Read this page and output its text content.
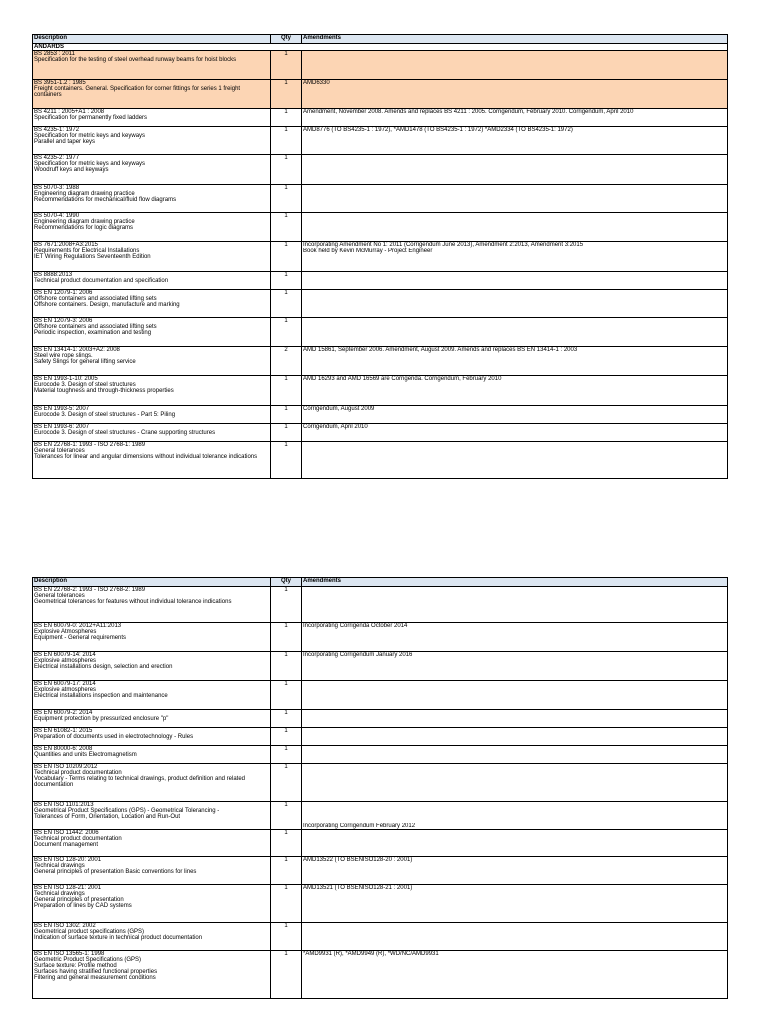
Description	Qty	Amendments
ANDARDS		

BS 2853 : 2011
Specification for the testing of steel overhead runway beams for hoist blocks	1	

BS 3951-1.2 : 1985
Freight containers. General. Specification for corner fittings for series 1 freight containers	1	AMD6330

BS 4211 : 2005+A1 : 2008
Specification for permanently fixed ladders	1	Amendment, November 2008. Amends and replaces BS 4211 : 2005. Corrigendum, February 2010. Corrigendum, April 2010

BS 4235-1: 1972
Specification for metric keys and keyways
Parallel and taper keys	1	AMD8776 (TO BS4235-1 : 1972), *AMD1478 (TO BS4235-1 : 1972) *AMD2334 (TO BS4235-1: 1972)

BS 4235-2: 1977
Specification for metric keys and keyways
Woodruff keys and keyways	1	

BS 5070-3: 1988
Engineering diagram drawing practice
Recommendations for mechanical/fluid flow diagrams	1	

BS 5070-4: 1990
Engineering diagram drawing practice
Recommendations for logic diagrams	1	

BS 7671:2008+A3:2015
Requirements for Electrical Installations
IET Wiring Regulations Seventeenth Edition	1	Incorporating Amendment No 1: 2011 (Corrigendum June 2013), Amendment 2:2013, Amendment 3:2015
Book held by Kevin McMurray - Project Engineer

BS 8888:2013
Technical product documentation and specification	1	

BS EN 12079-1: 2006
Offshore containers and associated lifting sets
Offshore containers. Design, manufacture and marking	1	

BS EN 12079-3: 2006
Offshore containers and associated lifting sets
Periodic inspection, examination and testing	1	

BS EN 13414-1: 2003+A2: 2008
Steel wire rope slings.
Safety Slings for general lifting service	2	AMD 15861, September 2006. Amendment, August 2009. Amends and replaces BS EN 13414-1 : 2003

BS EN 1993-1-10: 2005
Eurocode 3. Design of steel structures
Material toughness and through-thickness properties	1	AMD 16293 and AMD 16569 are Corrigenda. Corrigendum, February 2010

BS EN 1993-5: 2007
Eurocode 3. Design of steel structures - Part 5: Piling	1	Corrigendum, August 2009

BS EN 1993-6: 2007
Eurocode 3. Design of steel structures - Crane supporting structures	1	Corrigendum, April 2010

BS EN 22768-1: 1993 - ISO 2768-1: 1989
General tolerances
Tolerances for linear and angular dimensions without individual tolerance indications	1	
Description	Qty	Amendments

BS EN 22768-2: 1993 - ISO 2768-2: 1989
General tolerances
Geometrical tolerances for features without individual tolerance indications	1	

BS EN 60079-0: 2012+A11:2013
Explosive Atmospheres
Equipment - General requirements	1	Incorporating Corrigenda October 2014

BS EN 60079-14: 2014
Explosive atmospheres
Electrical installations design, selection and erection	1	Incorporating Corrigendum January 2016

BS EN 60079-17: 2014
Explosive atmospheres
Electrical installations inspection and maintenance	1	

BS EN 60079-2: 2014
Equipment protection by pressurized enclosure "p"	1	

BS EN 61082-1: 2015
Preparation of documents used in electrotechnology - Rules	1	

BS EN 80000-6: 2008
Quantities and units Electromagnetism	1	

BS EN ISO 10209:2012
Technical product documentation
Vocabulary - Terms relating to technical drawings, product definition and related documentation	1	

BS EN ISO 1101:2013
Geometrical Product Specifications (GPS) - Geometrical Tolerancing -
Tolerances of Form, Orientation, Location and Run-Out	1	Incorporating Corrigendum February 2012

BS EN ISO 11442: 2006
Technical product documentation
Document management	1	

BS EN ISO 128-20: 2001
Technical drawings
General principles of presentation Basic conventions for lines	1	AMD13522 (TO BSENISO128-20 : 2001)

BS EN ISO 128-21: 2001
Technical drawings
General principles of presentation
Preparation of lines by CAD systems	1	AMD13521 (TO BSENISO128-21 : 2001)

BS EN ISO 1302: 2002
Geometrical product specifications (GPS)
Indication of surface texture in technical product documentation	1	

BS EN ISO 13565-1: 1998
Geometric Product Specifications (GPS)
Surface texture: Profile method
Surfaces having stratified functional properties
Filtering and general measurement conditions	1	*AMD9931 (R), *AMD9949 (R), *WD/NC/AMD9931
